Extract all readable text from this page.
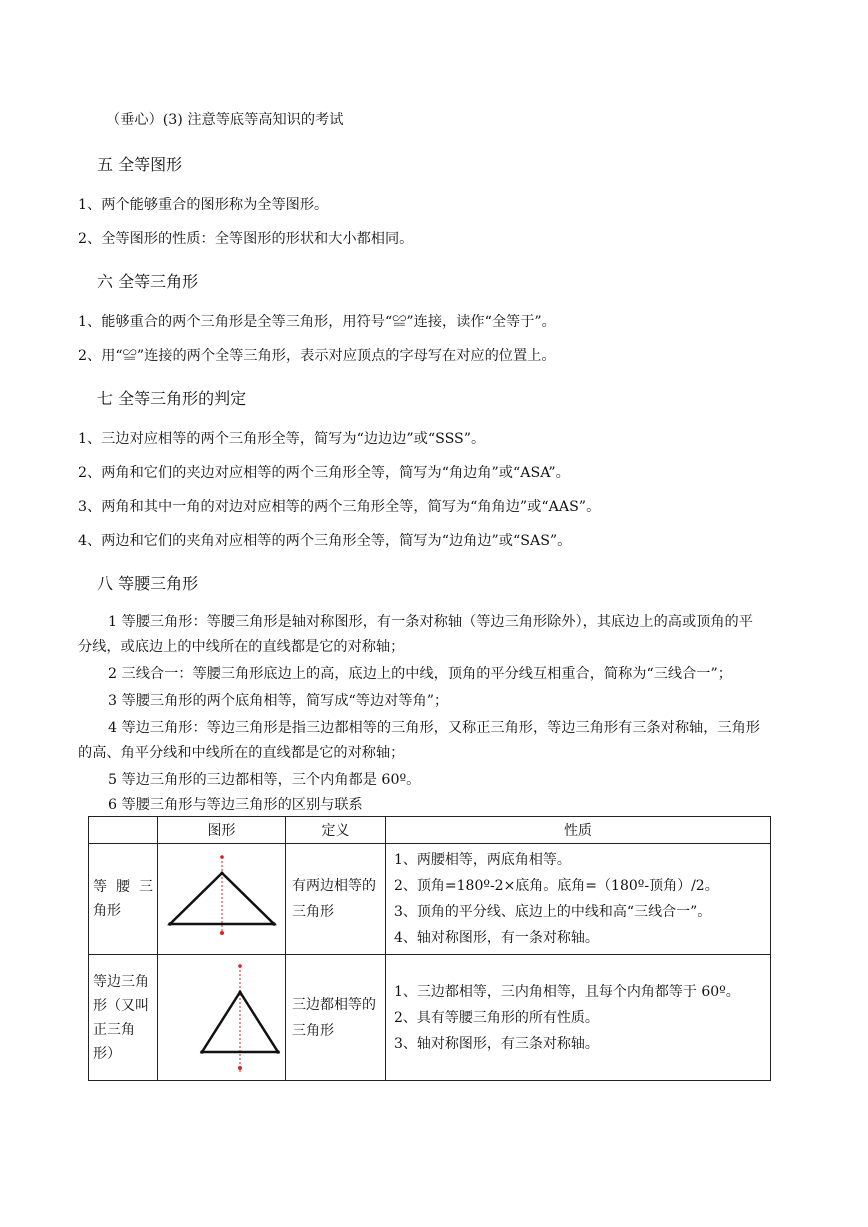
（垂心）(3) 注意等底等高知识的考试
五 全等图形
1、两个能够重合的图形称为全等图形。
2、全等图形的性质：全等图形的形状和大小都相同。
六 全等三角形
1、能够重合的两个三角形是全等三角形，用符号“≌”连接，读作“全等于”。
2、用“≌”连接的两个全等三角形，表示对应顶点的字母写在对应的位置上。
七 全等三角形的判定
1、三边对应相等的两个三角形全等，简写为“边边边”或“SSS”。
2、两角和它们的夹边对应相等的两个三角形全等，简写为“角边角”或“ASA”。
3、两角和其中一角的对边对应相等的两个三角形全等，简写为“角角边”或“AAS”。
4、两边和它们的夹角对应相等的两个三角形全等，简写为“边角边”或“SAS”。
八 等腰三角形
1 等腰三角形：等腰三角形是轴对称图形，有一条对称轴（等边三角形除外），其底边上的高或顶角的平
分线，或底边上的中线所在的直线都是它的对称轴；
2 三线合一：等腰三角形底边上的高，底边上的中线，顶角的平分线互相重合，简称为“三线合一”；
3 等腰三角形的两个底角相等，简写成“等边对等角”；
4 等边三角形：等边三角形是指三边都相等的三角形，又称正三角形，等边三角形有三条对称轴，三角形
的高、角平分线和中线所在的直线都是它的对称轴；
5 等边三角形的三边都相等，三个内角都是 60º。
6 等腰三角形与等边三角形的区别与联系
	图形	定义	性质
等 腰 三角形		有两边相等的三角形	1、两腰相等，两底角相等。
2、顶角=180º-2×底角。底角=（180º-顶角）/2。
3、顶角的平分线、底边上的中线和高“三线合一”。
4、轴对称图形，有一条对称轴。

等边三角形（又叫正三角形）		三边都相等的三角形	1、三边都相等，三内角相等，且每个内角都等于 60º。
2、具有等腰三角形的所有性质。
3、轴对称图形，有三条对称轴。
